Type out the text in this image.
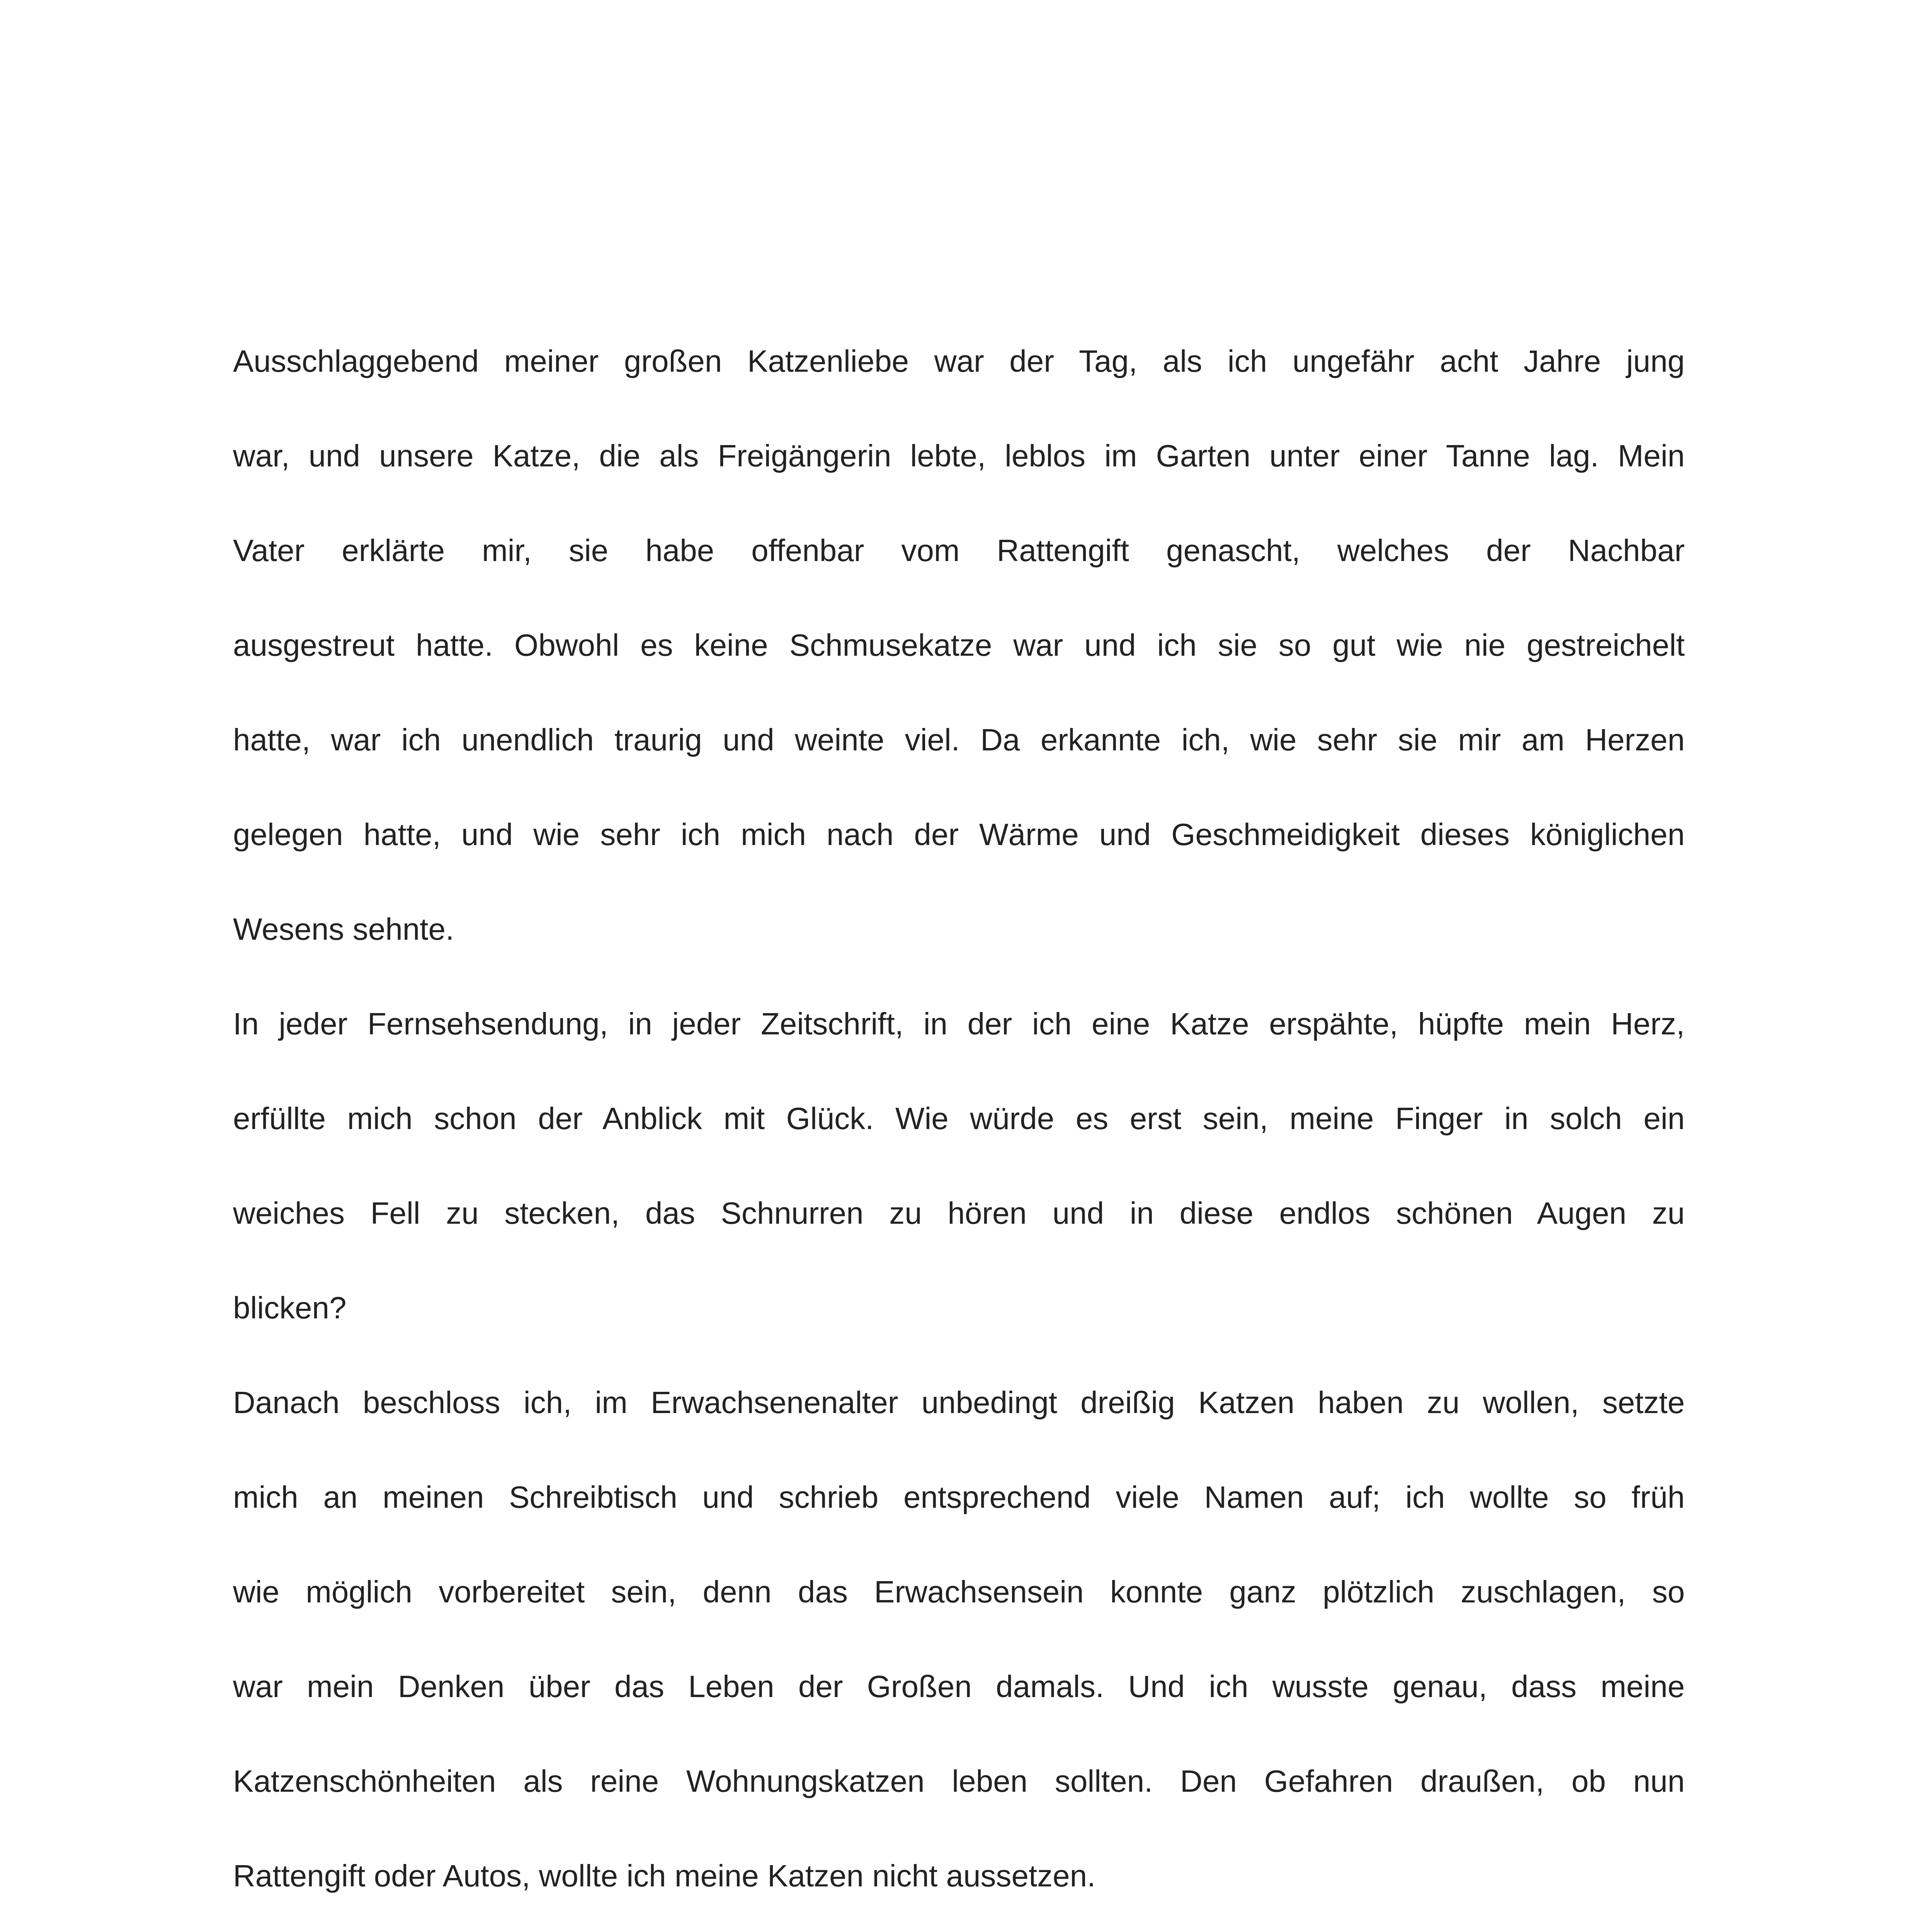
Ausschlaggebend meiner großen Katzenliebe war der Tag, als ich ungefähr acht Jahre jung
war, und unsere Katze, die als Freigängerin lebte, leblos im Garten unter einer Tanne lag. Mein
Vater erklärte mir, sie habe offenbar vom Rattengift genascht, welches der Nachbar
ausgestreut hatte. Obwohl es keine Schmusekatze war und ich sie so gut wie nie gestreichelt
hatte, war ich unendlich traurig und weinte viel. Da erkannte ich, wie sehr sie mir am Herzen
gelegen hatte, und wie sehr ich mich nach der Wärme und Geschmeidigkeit dieses königlichen
Wesens sehnte.
In jeder Fernsehsendung, in jeder Zeitschrift, in der ich eine Katze erspähte, hüpfte mein Herz,
erfüllte mich schon der Anblick mit Glück. Wie würde es erst sein, meine Finger in solch ein
weiches Fell zu stecken, das Schnurren zu hören und in diese endlos schönen Augen zu
blicken?
Danach beschloss ich, im Erwachsenenalter unbedingt dreißig Katzen haben zu wollen, setzte
mich an meinen Schreibtisch und schrieb entsprechend viele Namen auf; ich wollte so früh
wie möglich vorbereitet sein, denn das Erwachsensein konnte ganz plötzlich zuschlagen, so
war mein Denken über das Leben der Großen damals. Und ich wusste genau, dass meine
Katzenschönheiten als reine Wohnungskatzen leben sollten. Den Gefahren draußen, ob nun
Rattengift oder Autos, wollte ich meine Katzen nicht aussetzen.
